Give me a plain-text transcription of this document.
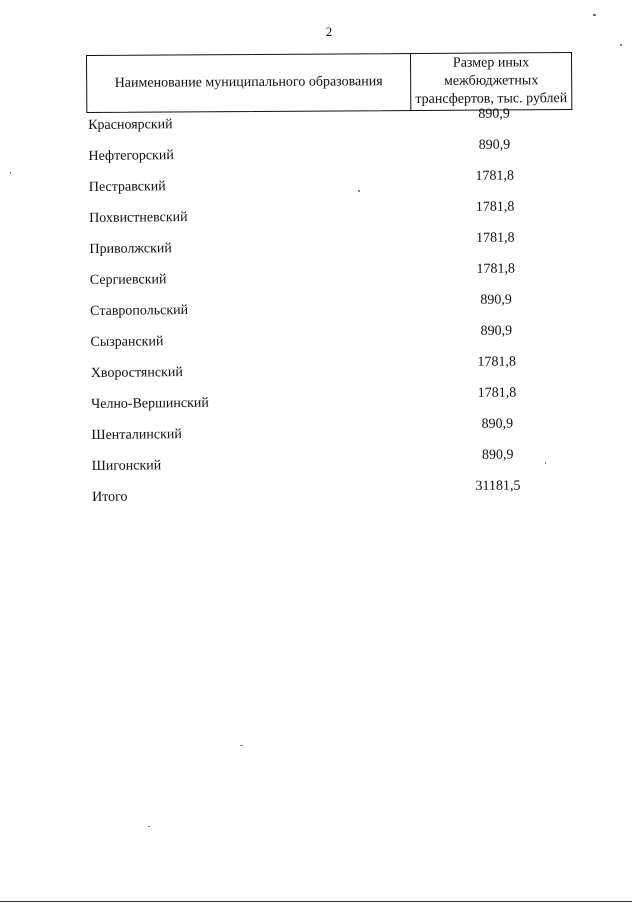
2
Наименование муниципального образования
Размер иных межбюджетных трансфертов, тыс. рублей
Красноярский
890,9
Нефтегорский
890,9
Пестравский
1781,8
Похвистневский
1781,8
Приволжский
1781,8
Сергиевский
1781,8
Ставропольский
890,9
Сызранский
890,9
Хворостянский
1781,8
Челно-Вершинский
1781,8
Шенталинский
890,9
Шигонский
890,9
Итого
31181,5
